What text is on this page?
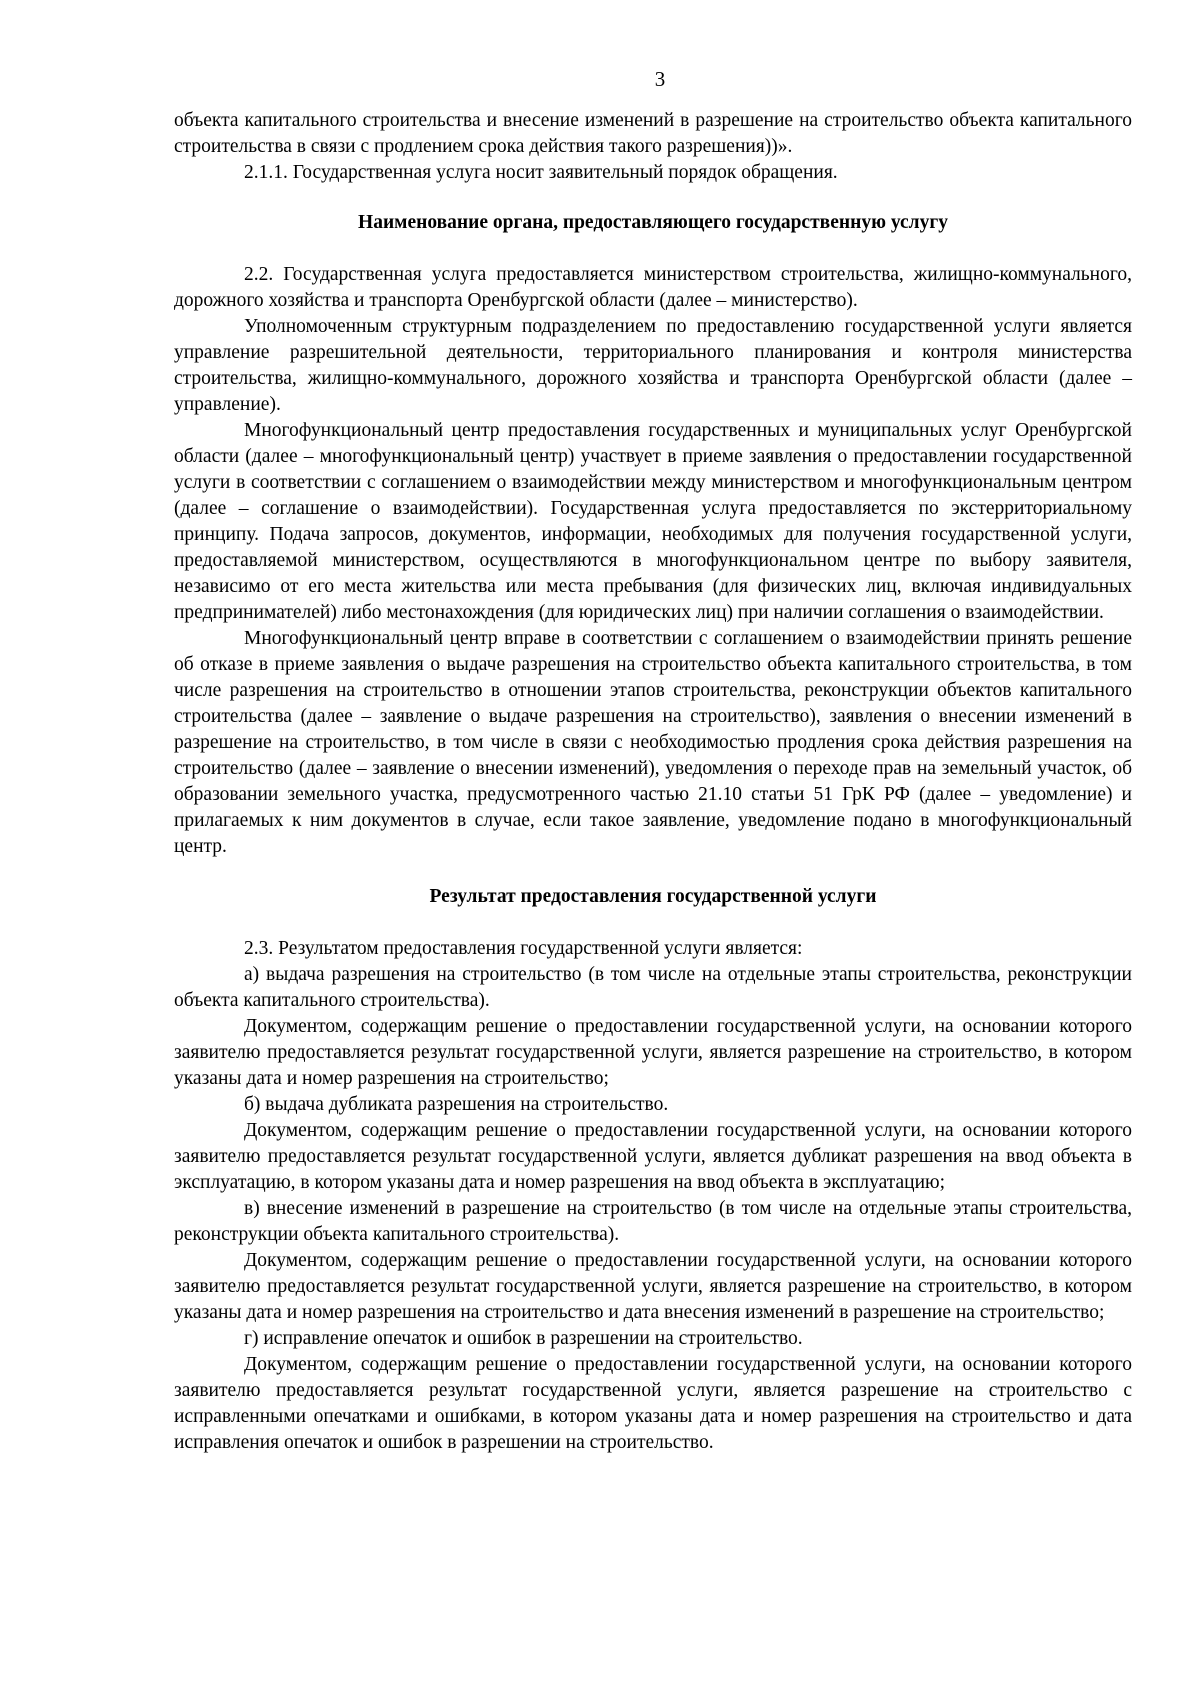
3

объекта капитального строительства и внесение изменений в разрешение на строительство объекта капитального строительства в связи с продлением срока действия такого разрешения))».

2.1.1. Государственная услуга носит заявительный порядок обращения.

Наименование органа, предоставляющего государственную услугу

2.2. Государственная услуга предоставляется министерством строительства, жилищно-коммунального, дорожного хозяйства и транспорта Оренбургской области (далее – министерство).

Уполномоченным структурным подразделением по предоставлению государственной услуги является управление разрешительной деятельности, территориального планирования и контроля министерства строительства, жилищно-коммунального, дорожного хозяйства и транспорта Оренбургской области (далее – управление).

Многофункциональный центр предоставления государственных и муниципальных услуг Оренбургской области (далее – многофункциональный центр) участвует в приеме заявления о предоставлении государственной услуги в соответствии с соглашением о взаимодействии между министерством и многофункциональным центром (далее – соглашение о взаимодействии). Государственная услуга предоставляется по экстерриториальному принципу. Подача запросов, документов, информации, необходимых для получения государственной услуги, предоставляемой министерством, осуществляются в многофункциональном центре по выбору заявителя, независимо от его места жительства или места пребывания (для физических лиц, включая индивидуальных предпринимателей) либо местонахождения (для юридических лиц) при наличии соглашения о взаимодействии.

Многофункциональный центр вправе в соответствии с соглашением о взаимодействии принять решение об отказе в приеме заявления о выдаче разрешения на строительство объекта капитального строительства, в том числе разрешения на строительство в отношении этапов строительства, реконструкции объектов капитального строительства (далее – заявление о выдаче разрешения на строительство), заявления о внесении изменений в разрешение на строительство, в том числе в связи с необходимостью продления срока действия разрешения на строительство (далее – заявление о внесении изменений), уведомления о переходе прав на земельный участок, об образовании земельного участка, предусмотренного частью 21.10 статьи 51 ГрК РФ (далее – уведомление) и прилагаемых к ним документов в случае, если такое заявление, уведомление подано в многофункциональный центр.

Результат предоставления государственной услуги

2.3. Результатом предоставления государственной услуги является:

а) выдача разрешения на строительство (в том числе на отдельные этапы строительства, реконструкции объекта капитального строительства).

Документом, содержащим решение о предоставлении государственной услуги, на основании которого заявителю предоставляется результат государственной услуги, является разрешение на строительство, в котором указаны дата и номер разрешения на строительство;

б) выдача дубликата разрешения на строительство.

Документом, содержащим решение о предоставлении государственной услуги, на основании которого заявителю предоставляется результат государственной услуги, является дубликат разрешения на ввод объекта в эксплуатацию, в котором указаны дата и номер разрешения на ввод объекта в эксплуатацию;

в) внесение изменений в разрешение на строительство (в том числе на отдельные этапы строительства, реконструкции объекта капитального строительства).

Документом, содержащим решение о предоставлении государственной услуги, на основании которого заявителю предоставляется результат государственной услуги, является разрешение на строительство, в котором указаны дата и номер разрешения на строительство и дата внесения изменений в разрешение на строительство;

г) исправление опечаток и ошибок в разрешении на строительство.

Документом, содержащим решение о предоставлении государственной услуги, на основании которого заявителю предоставляется результат государственной услуги, является разрешение на строительство с исправленными опечатками и ошибками, в котором указаны дата и номер разрешения на строительство и дата исправления опечаток и ошибок в разрешении на строительство.
